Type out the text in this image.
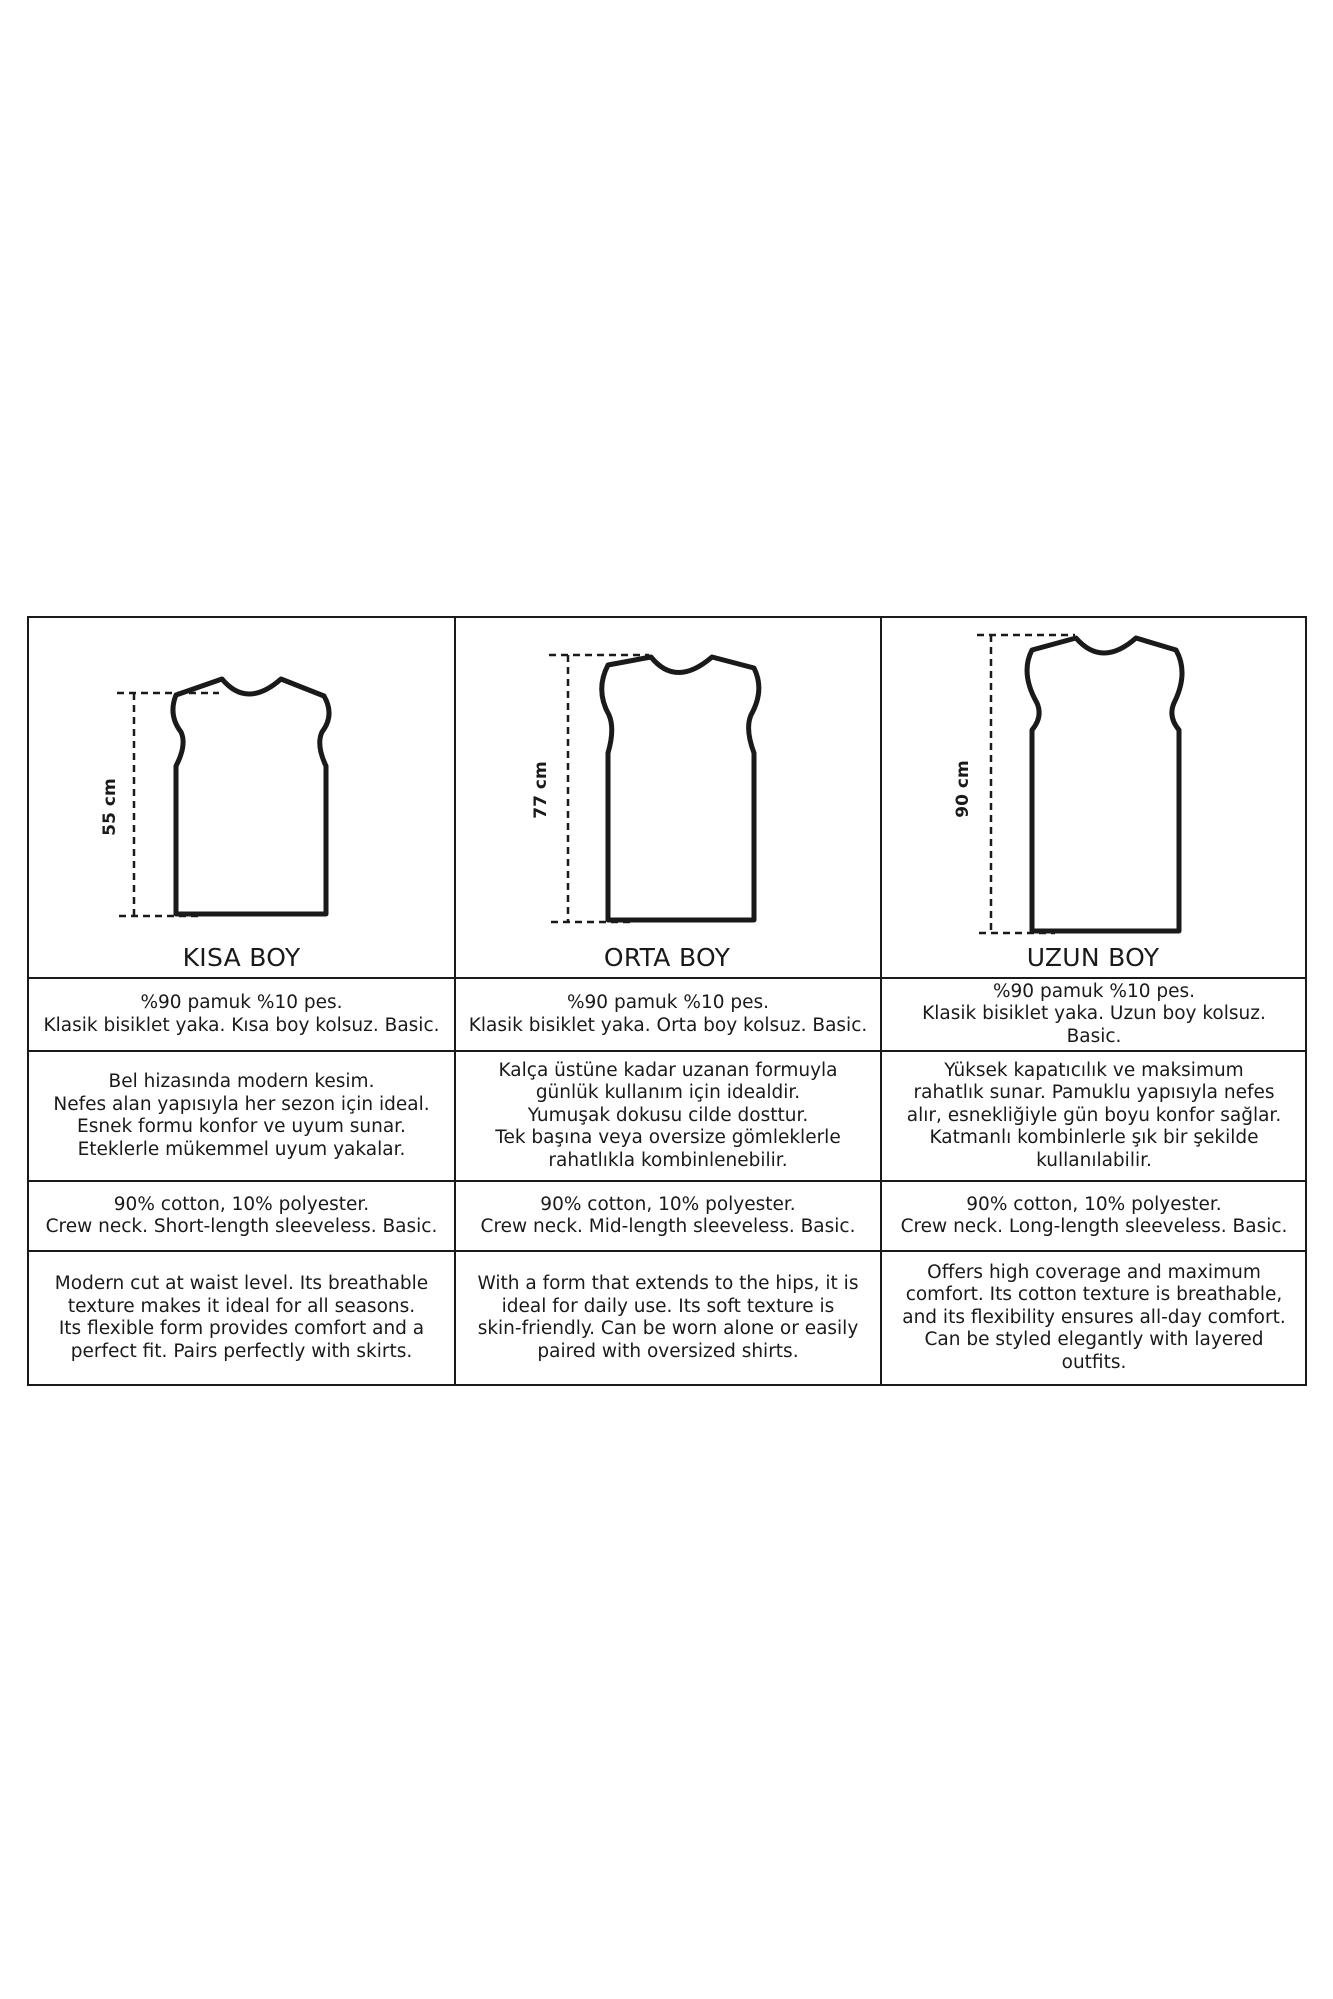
55 cm
KISA BOY
77 cm
ORTA BOY
90 cm
UZUN BOY

%90 pamuk %10 pes.
Klasik bisiklet yaka. Kısa boy kolsuz. Basic.

%90 pamuk %10 pes.
Klasik bisiklet yaka. Orta boy kolsuz. Basic.

%90 pamuk %10 pes.
Klasik bisiklet yaka. Uzun boy kolsuz.
Basic.

Bel hizasında modern kesim.
Nefes alan yapısıyla her sezon için ideal.
Esnek formu konfor ve uyum sunar.
Eteklerle mükemmel uyum yakalar.

Kalça üstüne kadar uzanan formuyla
günlük kullanım için idealdir.
Yumuşak dokusu cilde dosttur.
Tek başına veya oversize gömleklerle
rahatlıkla kombinlenebilir.

Yüksek kapatıcılık ve maksimum
rahatlık sunar. Pamuklu yapısıyla nefes
alır, esnekliğiyle gün boyu konfor sağlar.
Katmanlı kombinlerle şık bir şekilde
kullanılabilir.

90% cotton, 10% polyester.
Crew neck. Short-length sleeveless. Basic.

90% cotton, 10% polyester.
Crew neck. Mid-length sleeveless. Basic.

90% cotton, 10% polyester.
Crew neck. Long-length sleeveless. Basic.

Modern cut at waist level. Its breathable
texture makes it ideal for all seasons.
Its flexible form provides comfort and a
perfect fit. Pairs perfectly with skirts.

With a form that extends to the hips, it is
ideal for daily use. Its soft texture is
skin-friendly. Can be worn alone or easily
paired with oversized shirts.

Offers high coverage and maximum
comfort. Its cotton texture is breathable,
and its flexibility ensures all-day comfort.
Can be styled elegantly with layered
outfits.
